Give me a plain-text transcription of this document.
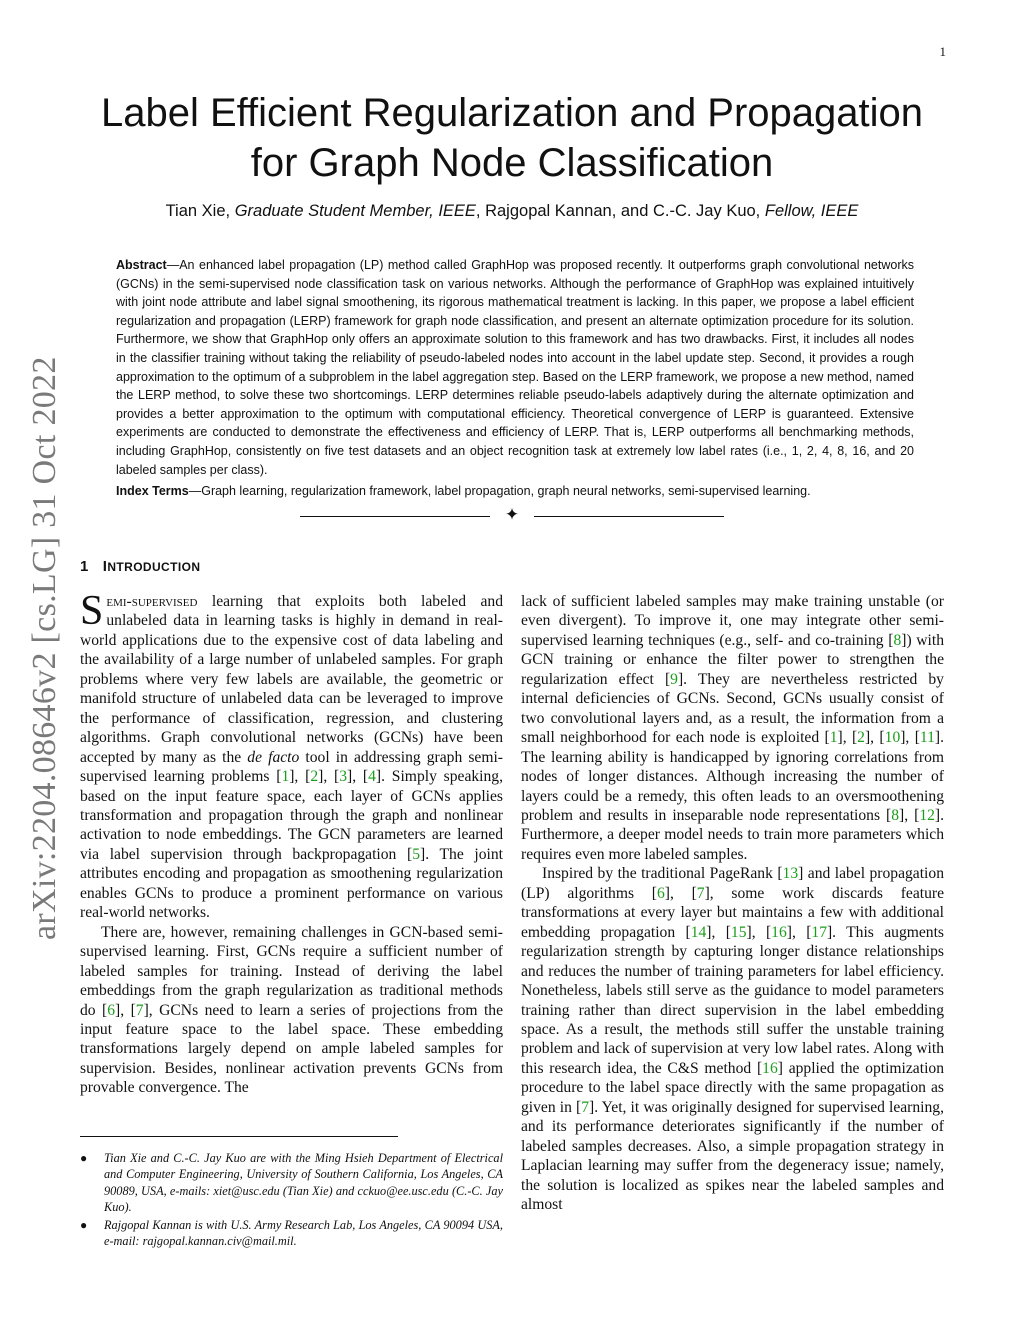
1
arXiv:2204.08646v2 [cs.LG] 31 Oct 2022
Label Efficient Regularization and Propagation
for Graph Node Classification
Tian Xie, Graduate Student Member, IEEE, Rajgopal Kannan, and C.-C. Jay Kuo, Fellow, IEEE
Abstract—An enhanced label propagation (LP) method called GraphHop was proposed recently. It outperforms graph convolutional networks (GCNs) in the semi-supervised node classification task on various networks. Although the performance of GraphHop was explained intuitively with joint node attribute and label signal smoothening, its rigorous mathematical treatment is lacking. In this paper, we propose a label efficient regularization and propagation (LERP) framework for graph node classification, and present an alternate optimization procedure for its solution. Furthermore, we show that GraphHop only offers an approximate solution to this framework and has two drawbacks. First, it includes all nodes in the classifier training without taking the reliability of pseudo-labeled nodes into account in the label update step. Second, it provides a rough approximation to the optimum of a subproblem in the label aggregation step. Based on the LERP framework, we propose a new method, named the LERP method, to solve these two shortcomings. LERP determines reliable pseudo-labels adaptively during the alternate optimization and provides a better approximation to the optimum with computational efficiency. Theoretical convergence of LERP is guaranteed. Extensive experiments are conducted to demonstrate the effectiveness and efficiency of LERP. That is, LERP outperforms all benchmarking methods, including GraphHop, consistently on five test datasets and an object recognition task at extremely low label rates (i.e., 1, 2, 4, 8, 16, and 20 labeled samples per class).
Index Terms—Graph learning, regularization framework, label propagation, graph neural networks, semi-supervised learning.
✦
1 INTRODUCTION

Semi-supervised learning that exploits both labeled and unlabeled data in learning tasks is highly in demand in real-world applications due to the expensive cost of data labeling and the availability of a large number of unlabeled samples. For graph problems where very few labels are available, the geometric or manifold structure of unlabeled data can be leveraged to improve the performance of classification, regression, and clustering algorithms. Graph convolutional networks (GCNs) have been accepted by many as the de facto tool in addressing graph semi-supervised learning problems [1], [2], [3], [4]. Simply speaking, based on the input feature space, each layer of GCNs applies transformation and propagation through the graph and nonlinear activation to node embeddings. The GCN parameters are learned via label supervision through backpropagation [5]. The joint attributes encoding and propagation as smoothening regularization enables GCNs to produce a prominent performance on various real-world networks.

There are, however, remaining challenges in GCN-based semi-supervised learning. First, GCNs require a sufficient number of labeled samples for training. Instead of deriving the label embeddings from the graph regularization as traditional methods do [6], [7], GCNs need to learn a series of projections from the input feature space to the label space. These embedding transformations largely depend on ample labeled samples for supervision. Besides, nonlinear activation prevents GCNs from provable convergence. The

lack of sufficient labeled samples may make training unstable (or even divergent). To improve it, one may integrate other semi-supervised learning techniques (e.g., self- and co-training [8]) with GCN training or enhance the filter power to strengthen the regularization effect [9]. They are nevertheless restricted by internal deficiencies of GCNs. Second, GCNs usually consist of two convolutional layers and, as a result, the information from a small neighborhood for each node is exploited [1], [2], [10], [11]. The learning ability is handicapped by ignoring correlations from nodes of longer distances. Although increasing the number of layers could be a remedy, this often leads to an oversmoothening problem and results in inseparable node representations [8], [12]. Furthermore, a deeper model needs to train more parameters which requires even more labeled samples.

Inspired by the traditional PageRank [13] and label propagation (LP) algorithms [6], [7], some work discards feature transformations at every layer but maintains a few with additional embedding propagation [14], [15], [16], [17]. This augments regularization strength by capturing longer distance relationships and reduces the number of training parameters for label efficiency. Nonetheless, labels still serve as the guidance to model parameters training rather than direct supervision in the label embedding space. As a result, the methods still suffer the unstable training problem and lack of supervision at very low label rates. Along with this research idea, the C&S method [16] applied the optimization procedure to the label space directly with the same propagation as given in [7]. Yet, it was originally designed for supervised learning, and its performance deteriorates significantly if the number of labeled samples decreases. Also, a simple propagation strategy in Laplacian learning may suffer from the degeneracy issue; namely, the solution is localized as spikes near the labeled samples and almost

● Tian Xie and C.-C. Jay Kuo are with the Ming Hsieh Department of Electrical and Computer Engineering, University of Southern California, Los Angeles, CA 90089, USA, e-mails: xiet@usc.edu (Tian Xie) and cckuo@ee.usc.edu (C.-C. Jay Kuo).
● Rajgopal Kannan is with U.S. Army Research Lab, Los Angeles, CA 90094 USA, e-mail: rajgopal.kannan.civ@mail.mil.
